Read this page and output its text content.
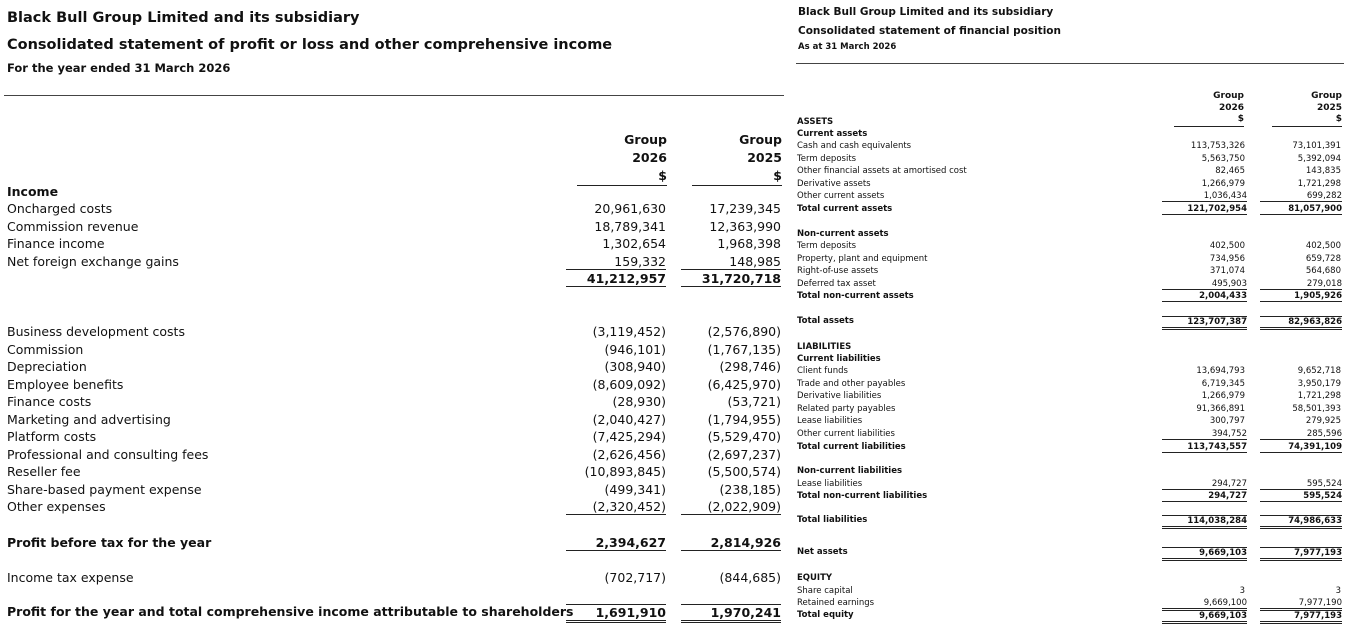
Black Bull Group Limited and its subsidiary
Consolidated statement of profit or loss and other comprehensive income
For the year ended 31 March 2026
Group
2026
$
Group
2025
$
Income
Oncharged costs	20,961,630	17,239,345
Commission revenue	18,789,341	12,363,990
Finance income	1,302,654	1,968,398
Net foreign exchange gains	159,332	148,985
41,212,957	31,720,718
Business development costs	(3,119,452)	(2,576,890)
Commission	(946,101)	(1,767,135)
Depreciation	(308,940)	(298,746)
Employee benefits	(8,609,092)	(6,425,970)
Finance costs	(28,930)	(53,721)
Marketing and advertising	(2,040,427)	(1,794,955)
Platform costs	(7,425,294)	(5,529,470)
Professional and consulting fees	(2,626,456)	(2,697,237)
Reseller fee	(10,893,845)	(5,500,574)
Share-based payment expense	(499,341)	(238,185)
Other expenses	(2,320,452)	(2,022,909)
Profit before tax for the year	2,394,627	2,814,926
Income tax expense	(702,717)	(844,685)
Profit for the year and total comprehensive income attributable to shareholders	1,691,910	1,970,241
Black Bull Group Limited and its subsidiary
Consolidated statement of financial position
As at 31 March 2026
Group
2026
$
Group
2025
$
ASSETS
Current assets
Cash and cash equivalents	113,753,326	73,101,391
Term deposits	5,563,750	5,392,094
Other financial assets at amortised cost	82,465	143,835
Derivative assets	1,266,979	1,721,298
Other current assets	1,036,434	699,282
Total current assets	121,702,954	81,057,900
Non-current assets
Term deposits	402,500	402,500
Property, plant and equipment	734,956	659,728
Right-of-use assets	371,074	564,680
Deferred tax asset	495,903	279,018
Total non-current assets	2,004,433	1,905,926
Total assets	123,707,387	82,963,826
LIABILITIES
Current liabilities
Client funds	13,694,793	9,652,718
Trade and other payables	6,719,345	3,950,179
Derivative liabilities	1,266,979	1,721,298
Related party payables	91,366,891	58,501,393
Lease liabilities	300,797	279,925
Other current liabilities	394,752	285,596
Total current liabilities	113,743,557	74,391,109
Non-current liabilities
Lease liabilities	294,727	595,524
Total non-current liabilities	294,727	595,524
Total liabilities	114,038,284	74,986,633
Net assets	9,669,103	7,977,193
EQUITY
Share capital	3	3
Retained earnings	9,669,100	7,977,190
Total equity	9,669,103	7,977,193
